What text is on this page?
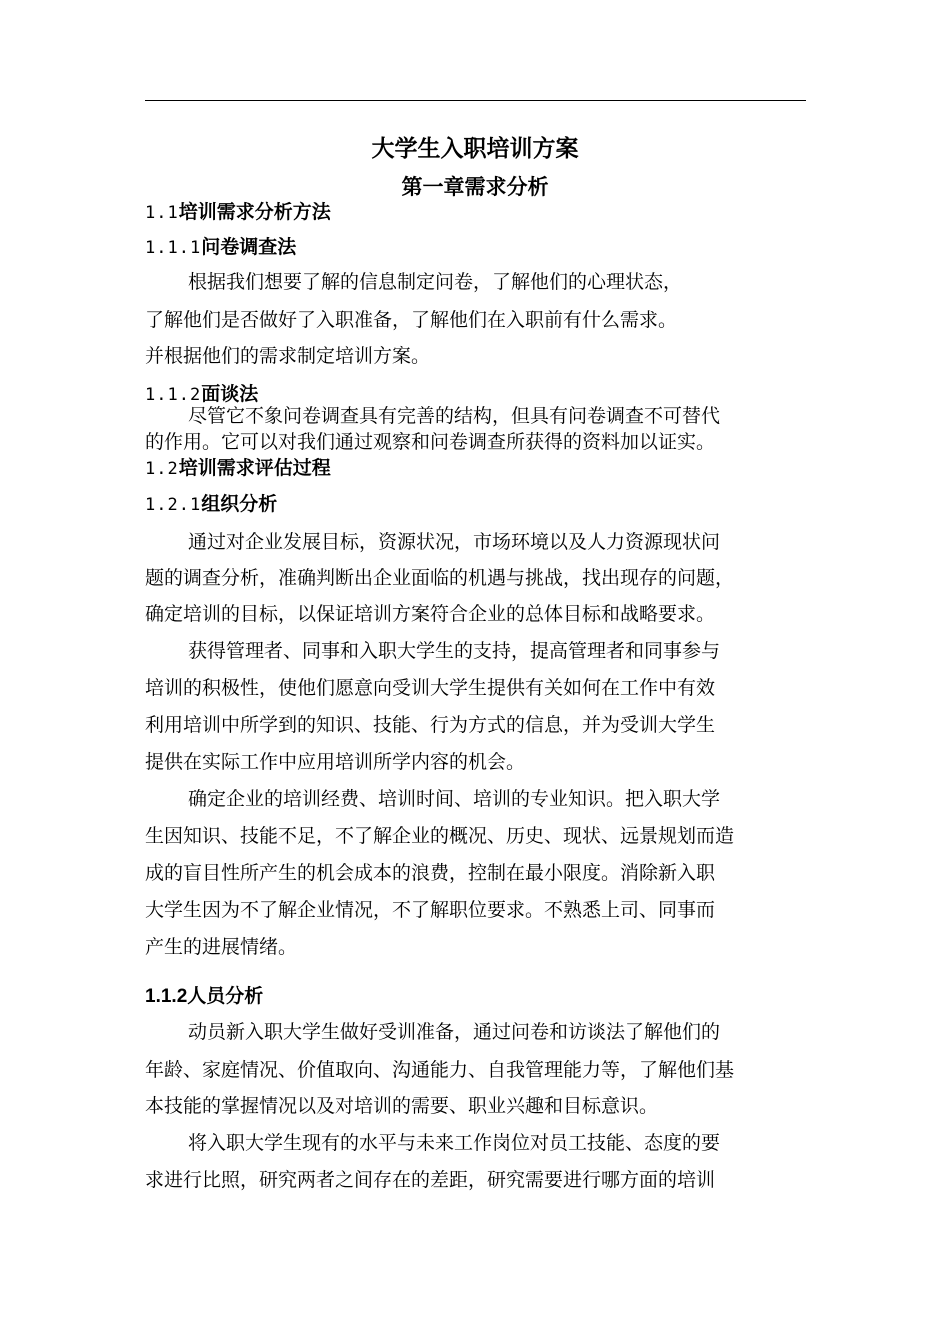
大学生入职培训方案
第一章需求分析
1.1培训需求分析方法
1.1.1问卷调查法
根据我们想要了解的信息制定问卷，了解他们的心理状态，
了解他们是否做好了入职准备，了解他们在入职前有什么需求。
并根据他们的需求制定培训方案。
1.1.2面谈法
尽管它不象问卷调查具有完善的结构，但具有问卷调查不可替代
的作用。它可以对我们通过观察和问卷调查所获得的资料加以证实。
1.2培训需求评估过程
1.2.1组织分析
通过对企业发展目标，资源状况，市场环境以及人力资源现状问
题的调查分析，准确判断出企业面临的机遇与挑战，找出现存的问题，
确定培训的目标，以保证培训方案符合企业的总体目标和战略要求。
获得管理者、同事和入职大学生的支持，提高管理者和同事参与
培训的积极性，使他们愿意向受训大学生提供有关如何在工作中有效
利用培训中所学到的知识、技能、行为方式的信息，并为受训大学生
提供在实际工作中应用培训所学内容的机会。
确定企业的培训经费、培训时间、培训的专业知识。把入职大学
生因知识、技能不足，不了解企业的概况、历史、现状、远景规划而造
成的盲目性所产生的机会成本的浪费，控制在最小限度。消除新入职
大学生因为不了解企业情况，不了解职位要求。不熟悉上司、同事而
产生的进展情绪。
1.1.2人员分析
动员新入职大学生做好受训准备，通过问卷和访谈法了解他们的
年龄、家庭情况、价值取向、沟通能力、自我管理能力等，了解他们基
本技能的掌握情况以及对培训的需要、职业兴趣和目标意识。
将入职大学生现有的水平与未来工作岗位对员工技能、态度的要
求进行比照，研究两者之间存在的差距，研究需要进行哪方面的培训
